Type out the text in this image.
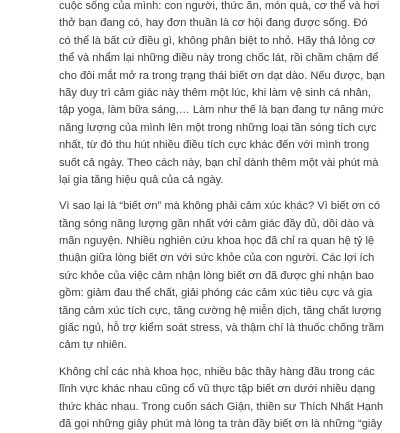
cuộc sống của mình: con người, thức ăn, món quà, cơ thể và hơi
thở bạn đang có, hay đơn thuần là cơ hội đang được sống. Đó
có thể là bất cứ điều gì, không phân biệt to nhỏ. Hãy thả lỏng cơ
thể và nhẩm lại những điều này trong chốc lát, rồi chầm chậm để
cho đôi mắt mở ra trong trạng thái biết ơn dạt dào. Nếu được, bạn
hãy duy trì cảm giác này thêm một lúc, khi làm vệ sinh cá nhân,
tập yoga, làm bữa sáng,… Làm như thế là bạn đang tự nâng mức
năng lượng của mình lên một trong những loại tần sóng tích cực
nhất, từ đó thu hút nhiều điều tích cực khác đến với mình trong
suốt cả ngày. Theo cách này, bạn chỉ dành thêm một vài phút mà
lại gia tăng hiệu quả của cả ngày.

Vì sao lại là “biết ơn” mà không phải cảm xúc khác? Vì biết ơn có
tầng sóng năng lượng gần nhất với cảm giác đầy đủ, dồi dào và
mãn nguyện. Nhiều nghiên cứu khoa học đã chỉ ra quan hệ tỷ lệ
thuận giữa lòng biết ơn với sức khỏe của con người. Các lợi ích
sức khỏe của việc cảm nhận lòng biết ơn đã được ghi nhận bao
gồm: giảm đau thể chất, giải phóng các cảm xúc tiêu cực và gia
tăng cảm xúc tích cực, tăng cường hệ miễn dịch, tăng chất lượng
giấc ngủ, hỗ trợ kiểm soát stress, và thậm chí là thuốc chống trầm
cảm tự nhiên.

Không chỉ các nhà khoa học, nhiều bậc thầy hàng đầu trong các
lĩnh vực khác nhau cũng cổ vũ thực tập biết ơn dưới nhiều dạng
thức khác nhau. Trong cuốn sách Giận, thiền sư Thích Nhất Hạnh
đã gọi những giây phút mà lòng ta tràn đầy biết ơn là những “giây
